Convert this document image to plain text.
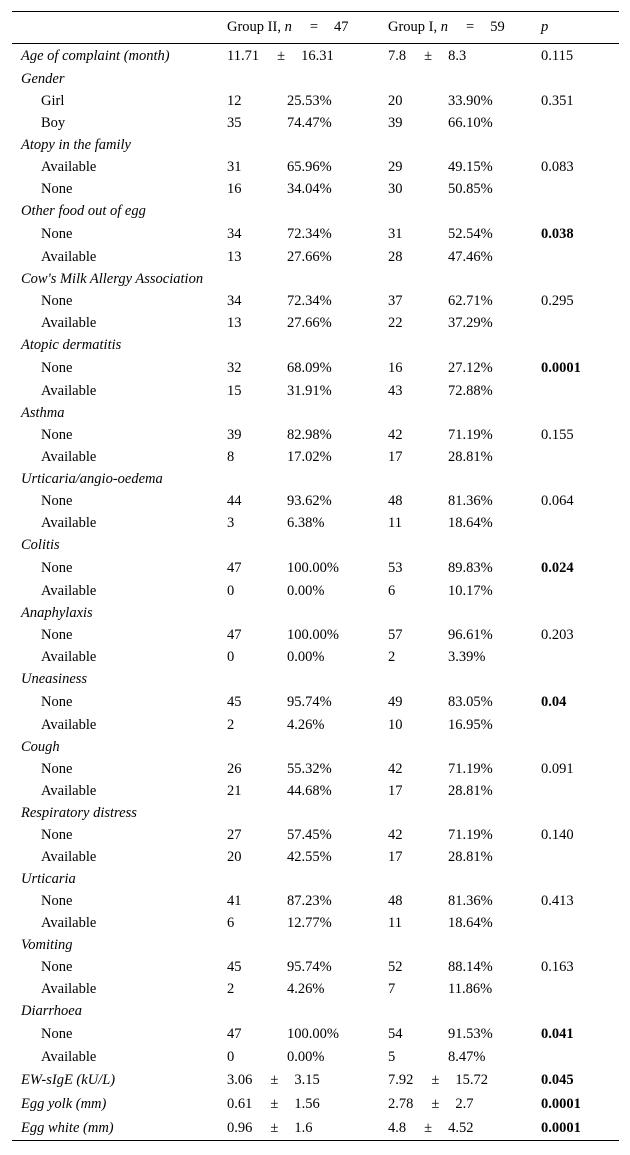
Group II, n = 47	Group I, n = 59	p
Age of complaint (month)	11.71 ± 16.31	7.8 ± 8.3	0.115
Gender
Girl	12	25.53%	20	33.90%	0.351
Boy	35	74.47%	39	66.10%
Atopy in the family
Available	31	65.96%	29	49.15%	0.083
None	16	34.04%	30	50.85%
Other food out of egg
None	34	72.34%	31	52.54%	0.038
Available	13	27.66%	28	47.46%
Cow's Milk Allergy Association
None	34	72.34%	37	62.71%	0.295
Available	13	27.66%	22	37.29%
Atopic dermatitis
None	32	68.09%	16	27.12%	0.0001
Available	15	31.91%	43	72.88%
Asthma
None	39	82.98%	42	71.19%	0.155
Available	8	17.02%	17	28.81%
Urticaria/angio-oedema
None	44	93.62%	48	81.36%	0.064
Available	3	6.38%	11	18.64%
Colitis
None	47	100.00%	53	89.83%	0.024
Available	0	0.00%	6	10.17%
Anaphylaxis
None	47	100.00%	57	96.61%	0.203
Available	0	0.00%	2	3.39%
Uneasiness
None	45	95.74%	49	83.05%	0.04
Available	2	4.26%	10	16.95%
Cough
None	26	55.32%	42	71.19%	0.091
Available	21	44.68%	17	28.81%
Respiratory distress
None	27	57.45%	42	71.19%	0.140
Available	20	42.55%	17	28.81%
Urticaria
None	41	87.23%	48	81.36%	0.413
Available	6	12.77%	11	18.64%
Vomiting
None	45	95.74%	52	88.14%	0.163
Available	2	4.26%	7	11.86%
Diarrhoea
None	47	100.00%	54	91.53%	0.041
Available	0	0.00%	5	8.47%
EW-sIgE (kU/L)	3.06 ± 3.15	7.92 ± 15.72	0.045
Egg yolk (mm)	0.61 ± 1.56	2.78 ± 2.7	0.0001
Egg white (mm)	0.96 ± 1.6	4.8 ± 4.52	0.0001
